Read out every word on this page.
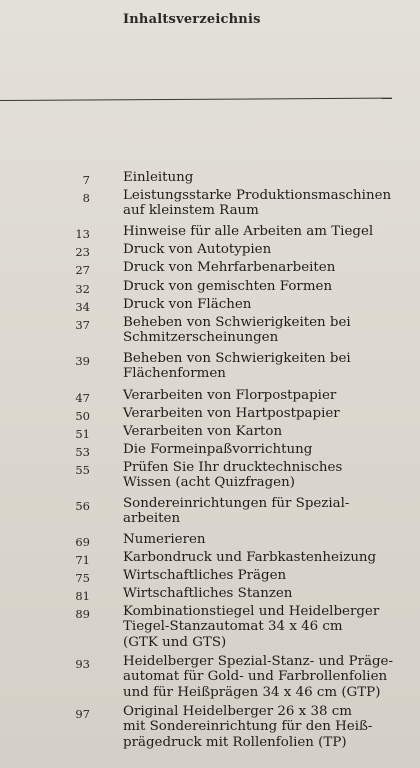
Inhaltsverzeichnis
7 Einleitung
8 Leistungsstarke Produktionsmaschinen
auf kleinstem Raum
13 Hinweise für alle Arbeiten am Tiegel
23 Druck von Autotypien
27 Druck von Mehrfarbenarbeiten
32 Druck von gemischten Formen
34 Druck von Flächen
37 Beheben von Schwierigkeiten bei
Schmitzerscheinungen
39 Beheben von Schwierigkeiten bei
Flächenformen
47 Verarbeiten von Florpostpapier
50 Verarbeiten von Hartpostpapier
51 Verarbeiten von Karton
53 Die Formeinpaßvorrichtung
55 Prüfen Sie Ihr drucktechnisches
Wissen (acht Quizfragen)
56 Sondereinrichtungen für Spezial-
arbeiten
69 Numerieren
71 Karbondruck und Farbkastenheizung
75 Wirtschaftliches Prägen
81 Wirtschaftliches Stanzen
89 Kombinationstiegel und Heidelberger
Tiegel-Stanzautomat 34 x 46 cm
(GTK und GTS)
93 Heidelberger Spezial-Stanz- und Präge-
automat für Gold- und Farbrollenfolien
und für Heißprägen 34 x 46 cm (GTP)
97 Original Heidelberger 26 x 38 cm
mit Sondereinrichtung für den Heiß-
prägedruck mit Rollenfolien (TP)
